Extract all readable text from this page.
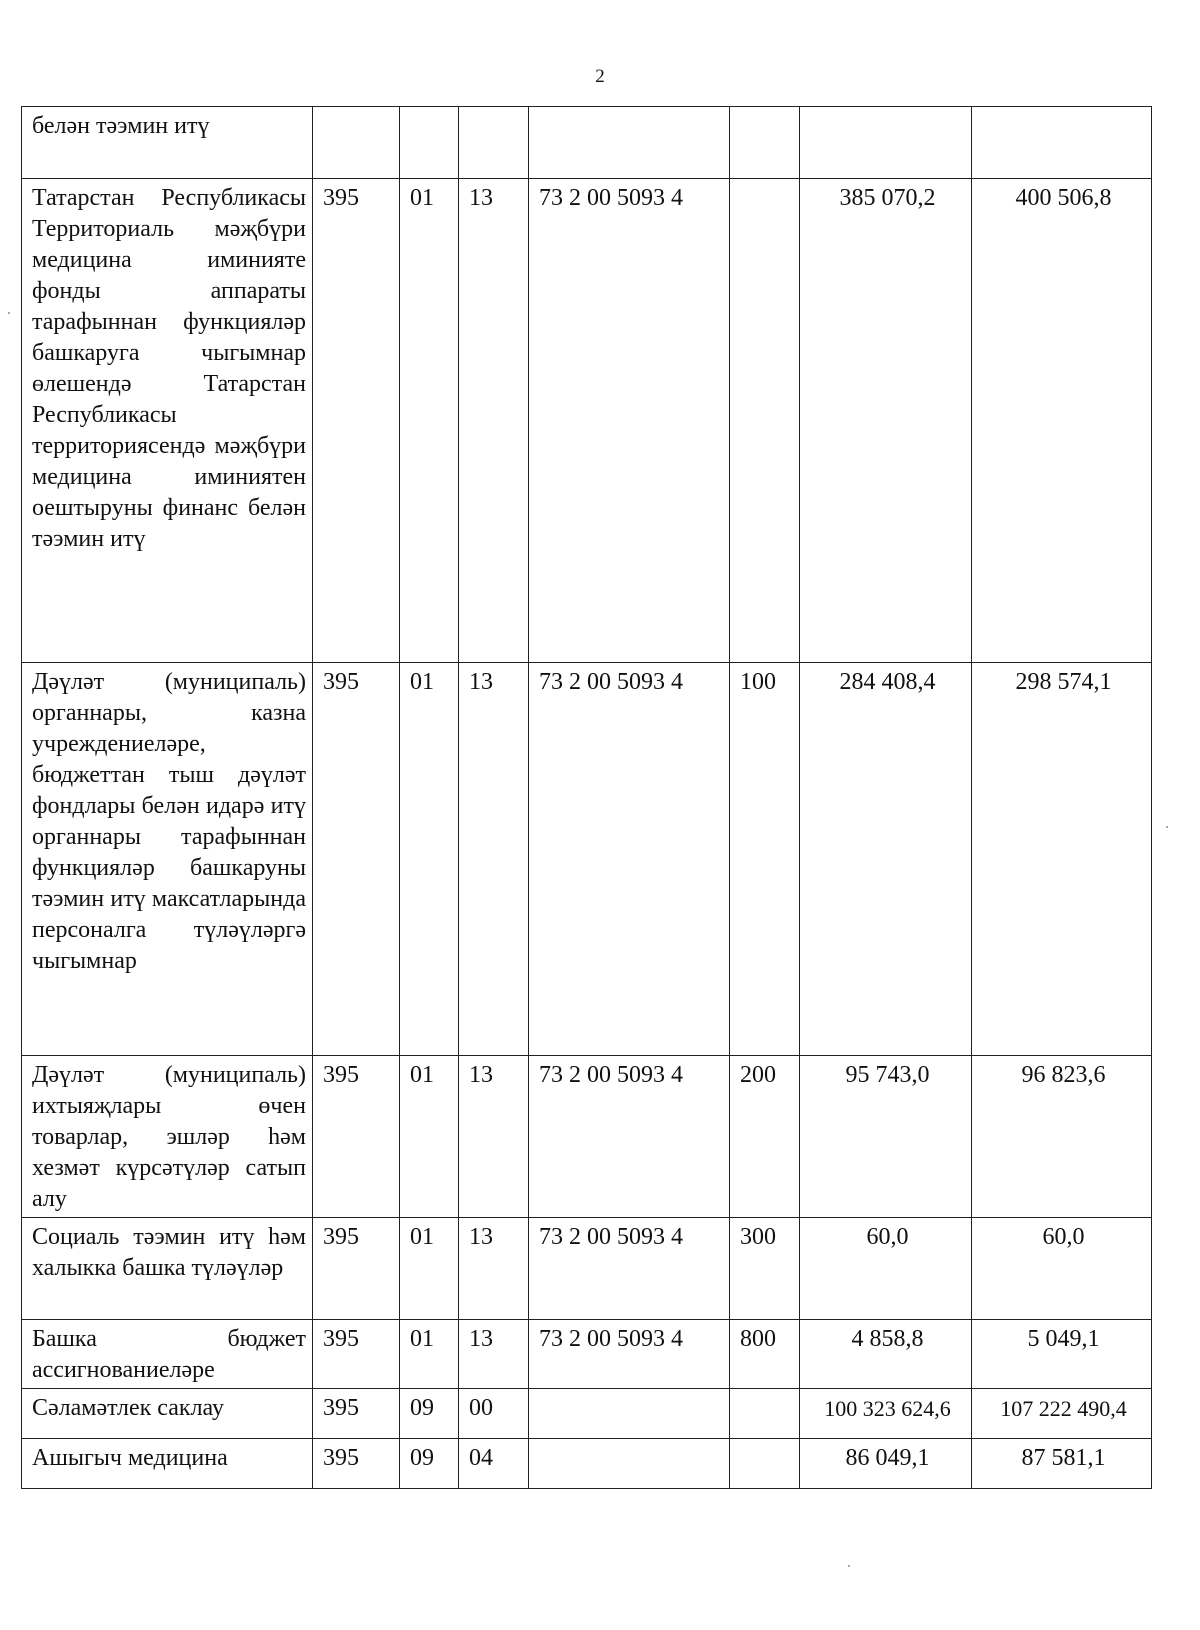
2
белән тәэмин итү							
Татарстан Республикасы Территориаль мәҗбүри медицина иминияте фонды аппараты тарафыннан функцияләр башкаруга чыгымнар өлешендә Татарстан Республикасы территориясендә мәҗбүри медицина иминиятен оештыруны финанс белән тәэмин итү	395	01	13	73 2 00 5093 4		385 070,2	400 506,8
Дәүләт (муниципаль) органнары, казна учреждениеләре, бюджеттан тыш дәүләт фондлары белән идарә итү органнары тарафыннан функцияләр башкаруны тәэмин итү максатларында персоналга түләүләргә чыгымнар	395	01	13	73 2 00 5093 4	100	284 408,4	298 574,1
Дәүләт (муниципаль) ихтыяҗлары өчен товарлар, эшләр һәм хезмәт күрсәтүләр сатып алу	395	01	13	73 2 00 5093 4	200	95 743,0	96 823,6
Социаль тәэмин итү һәм халыкка башка түләүләр	395	01	13	73 2 00 5093 4	300	60,0	60,0
Башка бюджет ассигнованиеләре	395	01	13	73 2 00 5093 4	800	4 858,8	5 049,1
Сәламәтлек саклау	395	09	00			100 323 624,6	107 222 490,4
Ашыгыч медицина	395	09	04			86 049,1	87 581,1
